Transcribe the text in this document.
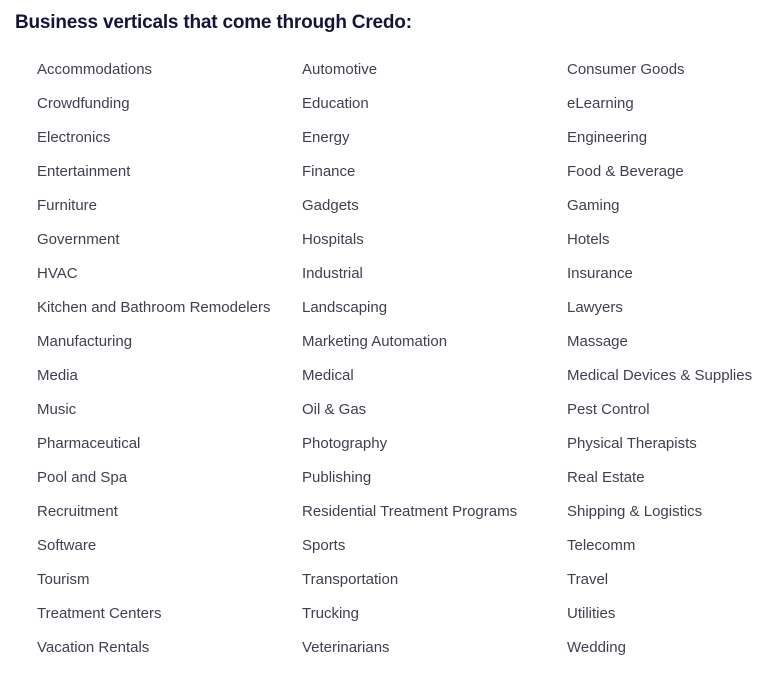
Business verticals that come through Credo:
Accommodations
Crowdfunding
Electronics
Entertainment
Furniture
Government
HVAC
Kitchen and Bathroom Remodelers
Manufacturing
Media
Music
Pharmaceutical
Pool and Spa
Recruitment
Software
Tourism
Treatment Centers
Vacation Rentals
Automotive
Education
Energy
Finance
Gadgets
Hospitals
Industrial
Landscaping
Marketing Automation
Medical
Oil & Gas
Photography
Publishing
Residential Treatment Programs
Sports
Transportation
Trucking
Veterinarians
Consumer Goods
eLearning
Engineering
Food & Beverage
Gaming
Hotels
Insurance
Lawyers
Massage
Medical Devices & Supplies
Pest Control
Physical Therapists
Real Estate
Shipping & Logistics
Telecomm
Travel
Utilities
Wedding
